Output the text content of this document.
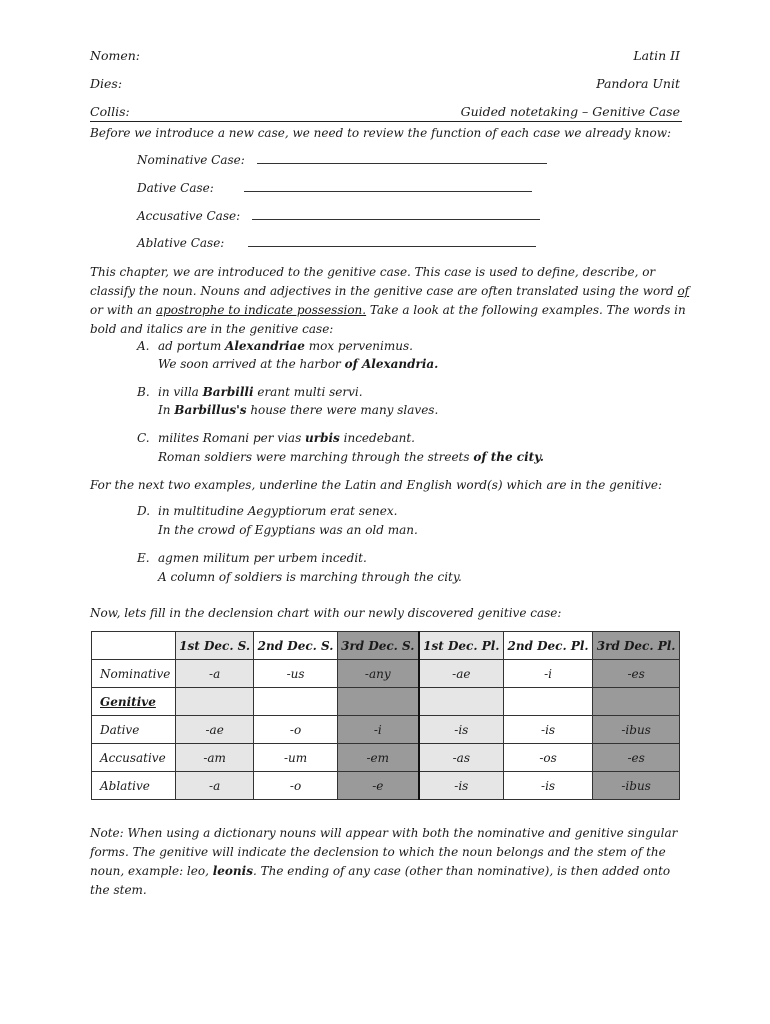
Nomen:
Dies:
Collis:
Latin II
Pandora Unit
Guided notetaking – Genitive Case
Before we introduce a new case, we need to review the function of each case we already know:
Nominative Case:
Dative Case:
Accusative Case:
Ablative Case:
This chapter, we are introduced to the genitive case. This case is used to define, describe, or classify the noun. Nouns and adjectives in the genitive case are often translated using the word of or with an apostrophe to indicate possession. Take a look at the following examples. The words in bold and italics are in the genitive case:
A. ad portum Alexandriae mox pervenimus.
We soon arrived at the harbor of Alexandria.
B. in villa Barbilli erant multi servi.
In Barbillus's house there were many slaves.
C. milites Romani per vias urbis incedebant.
Roman soldiers were marching through the streets of the city.
For the next two examples, underline the Latin and English word(s) which are in the genitive:
D. in multitudine Aegyptiorum erat senex.
In the crowd of Egyptians was an old man.
E. agmen militum per urbem incedit.
A column of soldiers is marching through the city.
Now, lets fill in the declension chart with our newly discovered genitive case:
	1st Dec. S.	2nd Dec. S.	3rd Dec. S.	1st Dec. Pl.	2nd Dec. Pl.	3rd Dec. Pl.
Nominative	-a	-us	-any	-ae	-i	-es
Genitive						
Dative	-ae	-o	-i	-is	-is	-ibus
Accusative	-am	-um	-em	-as	-os	-es
Ablative	-a	-o	-e	-is	-is	-ibus
Note: When using a dictionary nouns will appear with both the nominative and genitive singular forms. The genitive will indicate the declension to which the noun belongs and the stem of the noun, example: leo, leonis. The ending of any case (other than nominative), is then added onto the stem.
